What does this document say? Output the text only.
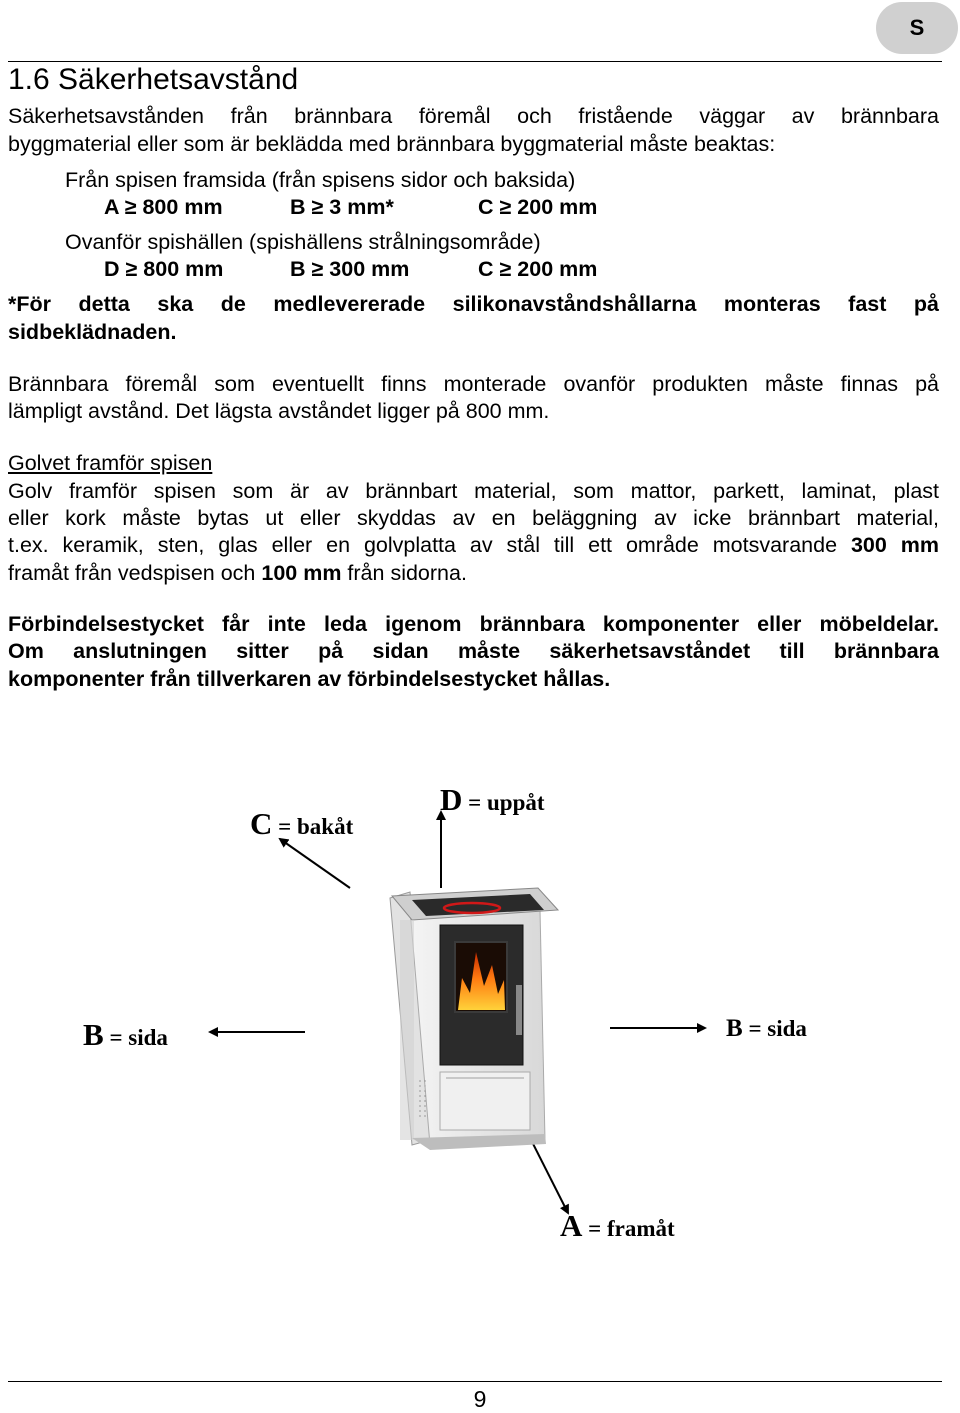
S
1.6 Säkerhetsavstånd
Säkerhetsavstånden från brännbara föremål och fristående väggar av brännbara
byggmaterial eller som är beklädda med brännbara byggmaterial måste beaktas:
Från spisen framsida (från spisens sidor och baksida)
A ≥ 800 mm	B ≥ 3 mm*	C ≥ 200 mm
Ovanför spishällen (spishällens strålningsområde)
D ≥ 800 mm	B ≥ 300 mm	C ≥ 200 mm
*För detta ska de medlevererade silikonavståndshållarna monteras fast på
sidbeklädnaden.
Brännbara föremål som eventuellt finns monterade ovanför produkten måste finnas på
lämpligt avstånd. Det lägsta avståndet ligger på 800 mm.
Golvet framför spisen
Golv framför spisen som är av brännbart material, som mattor, parkett, laminat, plast
eller kork måste bytas ut eller skyddas av en beläggning av icke brännbart material,
t.ex. keramik, sten, glas eller en golvplatta av stål till ett område motsvarande 300 mm
framåt från vedspisen och 100 mm från sidorna.
Förbindelsestycket får inte leda igenom brännbara komponenter eller möbeldelar.
Om anslutningen sitter på sidan måste säkerhetsavståndet till brännbara
komponenter från tillverkaren av förbindelsestycket hållas.
C = bakåt
D = uppåt
B = sida	B = sida
A = framåt
9
